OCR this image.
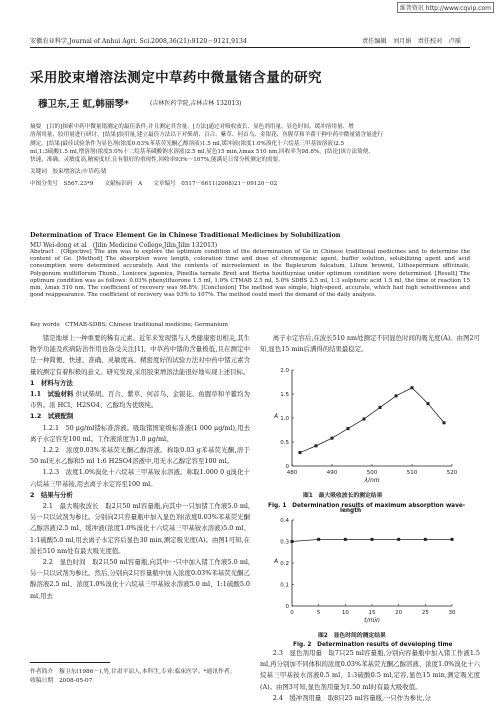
维普资讯 http://www.cqvip.com
安徽农业科学,Journal of Anhui Agri. Sci.2008,36(21):9120－9121,9134	责任编辑　刘月娟　责任校对　卢瑶
采用胶束增溶法测定中草药中微量锗含量的研究
穆卫东,王 虹,韩丽琴*	(吉林医药学院,吉林吉林 132013)
摘要　[目的]探索中药中微量锗测定的最佳条件,并且测定其含量。[方法]通过对吸收波长、显色剂用量、显色时间、缓冲溶用量、增
溶剂用量、胶用量进行研讨。[结果]胶用量,建立最佳方法以下对柴胡、百合、紫草、何首乌、金银花、鱼腥草和羊藿干种中药中微量锗含量进行
测定。[结果]最佳试验条件为显色剂(浓度0.03%苯基荧光酮乙醇溶液)1.5 ml,缓冲液(浓度1.0%溴化十六烷基三甲基铵溶液)2.5
ml,1:3硫酸1.5 ml,增溶剂(浓度5.0%十二烷基苯磺酸钠水溶液)2.5 ml,显色15 min,λmax 510 nm,回收率为98.8%。[结论]该方法简便、
快速、准确、灵敏度高,精密度好,且有很好的重现性,回收率93%～107%,能满足日常分析测定的需要。
关键词　胶束增溶法;中草药;锗
中图分类号　S567.23*9　　文献标识码　A　　文章编号　0517－6611(2008)21－09120－02
Determination of Trace Element Ge in Chinese Traditional Medicines by Solubilization
MU Wei-dong et al　(Jilin Medicine College,Jilin,Jilin 132013)
Abstract　[Objective] The aim was to explore the optimum condition of the determination of Ge in Chinese traditional medicines and to determine the content of Ge. [Method] The absorption wave length, coloration time and dose of chromogenic agent, buffer solution, solubilizing agent and acid consumption were determined accurately. And the contents of microelement in the Bupleurum falcatum, Lilium brownii, Lithospermum officinale, Polygonum multiflorum Thunb., Lonicera japonica, Pinellia ternate Breit and Herba houttuyniae under optimum condition were determined. [Result] The optimum condition was as follows: 0.03% phenylfluorone 1.5 ml, 1.0% CTMAB 2.5 ml, 5.0% SDBS 2.5 ml, 1:3 sulphuric acid 1.5 ml, the time of reaction 15 min, λmax 510 nm. The coefficient of recovery was 98.8%. [Conclusion] The method was simple, high-speed, accurate, which had high sensitiveness and good reappearance. The coefficient of recovery was 93% to 107%. The method could meet the demand of the daily analysis.
Key words　CTMAB-SDBS; Chinese traditional medicine; Germanium

锗是地球上一种重要的稀有元素。近年来发现锗与人类健康密切相关,其生物学功能及疾病防治作用也备受关注[1]。中草药中锗的含量极低,且在测定中是一种简便、快速、准确、灵敏度高、精密度好的试验方法对中药中锗元素含量的测定有着积极的意义。研究发现,采用胶束增溶法能很好地实现上述目标。

1　材料与方法

1.1　试验材料 供试柴胡、百合、紫草、何首乌、金银花、鱼腥草和羊藿均为市售。浓 HCl、H2SO4、乙醇均为优级纯。

1.2　试液配制

1.2.1　50 μg/ml锗标准溶液。吸取锗国家级标准液(1 000 μg/ml),用去离子水定容至100 ml。工作液浓度为1.0 μg/ml。

1.2.2　浓度0.03%苯基荧光酮乙醇溶液。称取0.03 g苯基荧光酮,溶于50 ml无水乙醇和5 ml 1:6 H2SO4溶液中,用无水乙醇定容至100 ml。

1.2.3　浓度1.0%溴化十六烷基三甲基铵水溶液。称取1.000 0 g溴化十六烷基三甲基铵,用去离子水定容至100 ml。

2　结果与分析

2.1　最大吸收波长　取2只50 ml容量瓶,向其中一只加锗工作液5.0 ml,另一只以试剂为参比。分别向2只容量瓶中加入显色剂(浓度0.03%苯基荧光酮乙醇溶液)2.5 ml、缓冲液(浓度1.0%溴化十六烷基三甲基铵水溶液)5.0 ml、1:1硫酸5.0 ml,用去离子水定容后显色30 min,测定吸光度(A)。由图1可知,在波长510 nm处有最大吸光度值。

2.2　显色时间　取2只50 ml容量瓶,向其中一只中加入锗工作液5.0 ml,另一只以试剂为参比。然后,分别向2只容量瓶中加入浓度0.03%苯基荧光酮乙醇溶液2.5 ml、浓度1.0%溴化十六烷基三甲基铵水溶液5.0 ml、1:1硫酸5.0 ml,用去

作者简介　穆卫东(1986－),男,甘肃平凉人,本科生,专业:临床医学。*通讯作者。
收稿日期　2008-05-07

离子水定容后,在波长510 nm处测定不同显色时间的吸光度(A)。由图2可知,显色15 min后满得的结果最稳定。

480	490	500	510	520
0
0.5
1.0
1.5
2.0
λ/nm
A
图1　最大吸收波长的测定结果
Fig. 1　Determination results of maximum absorption wave-
length
0	5	10	15	20	25	30
0
0.1
0.2
0.3
0.4
t/min
A
图2　显色时间的测定结果
Fig. 2　Determination results of developing time

2.3　显色剂用量　取7只25 ml容量瓶,分别向容量瓶中加入锗工作液1.5 ml,再分别加不同体积的浓度0.03%苯基荧光酮乙醇溶液、浓度1.0%溴化十六烷基三甲基铵水溶液0.5 ml、1:3硫酸0.5 ml,定容,显色15 min,测定吸光度(A)。由图3可知,显色剂用量为1.50 ml时有最大吸收值。

2.4　缓冲剂用量　取8只25 ml容量瓶,一只作为参比,分
